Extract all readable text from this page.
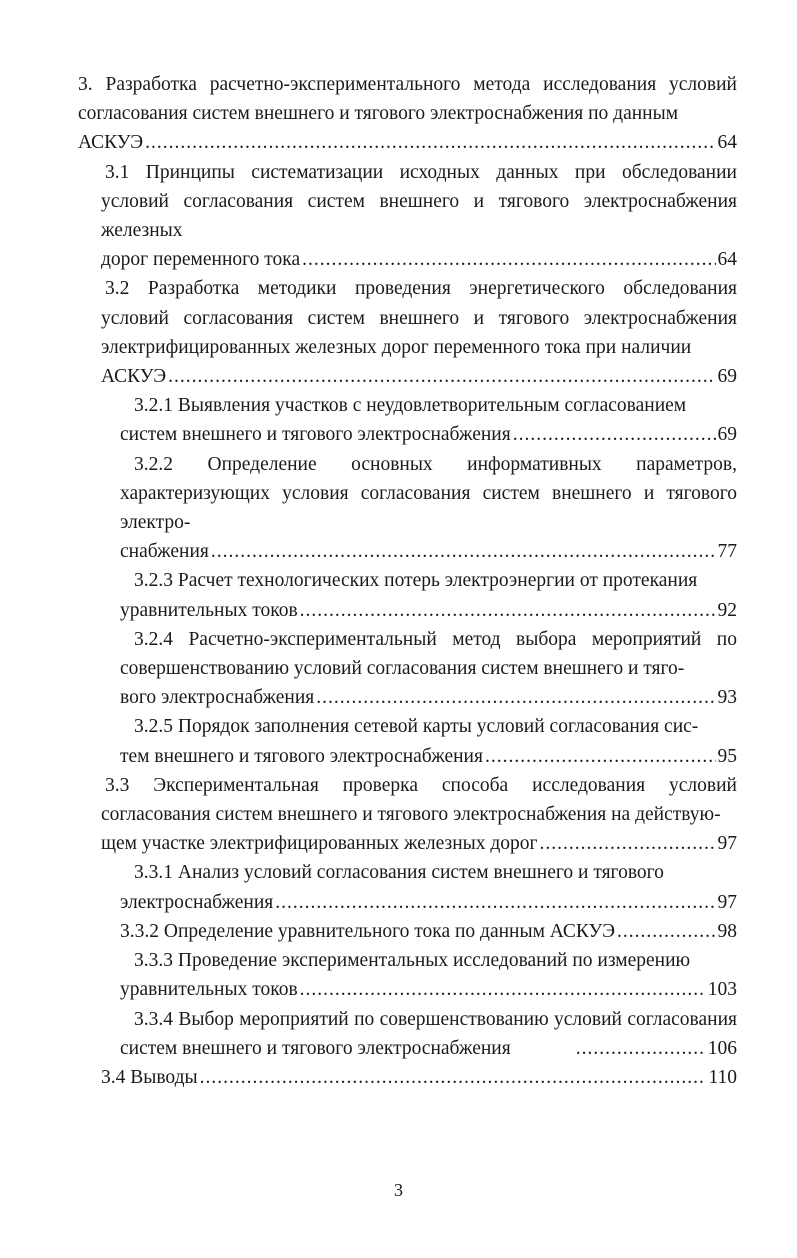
3. Разработка расчетно-экспериментального метода исследования условий согласования систем внешнего и тягового электроснабжения по данным
АСКУЭ .....	64
3.1 Принципы систематизации исходных данных при обследовании условий согласования систем внешнего и тягового электроснабжения железных
дорог переменного тока .....	64
3.2 Разработка методики проведения энергетического обследования условий согласования систем внешнего и тягового электроснабжения электрифицированных железных дорог переменного тока при наличии
АСКУЭ .....	69
3.2.1 Выявления участков с неудовлетворительным согласованием
систем внешнего и тягового электроснабжения .....	69
3.2.2 Определение основных информативных параметров, характеризующих условия согласования систем внешнего и тягового электро-
снабжения .....	77
3.2.3 Расчет технологических потерь электроэнергии от протекания
уравнительных токов .....	92
3.2.4 Расчетно-экспериментальный метод выбора мероприятий по совершенствованию условий согласования систем внешнего и тяго-
вого электроснабжения .....	93
3.2.5 Порядок заполнения сетевой карты условий согласования сис-
тем внешнего и тягового электроснабжения .....	95
3.3 Экспериментальная проверка способа исследования условий согласования систем внешнего и тягового электроснабжения на действую-
щем участке электрифицированных железных дорог .....	97
3.3.1 Анализ условий согласования систем внешнего и тягового
электроснабжения .....	97
3.3.2 Определение уравнительного тока по данным АСКУЭ .....	98
3.3.3 Проведение экспериментальных исследований по измерению
уравнительных токов .....	103
3.3.4 Выбор мероприятий по совершенствованию условий согласования систем внешнего и тягового электроснабжения .....	106
3.4 Выводы .....	110
3
